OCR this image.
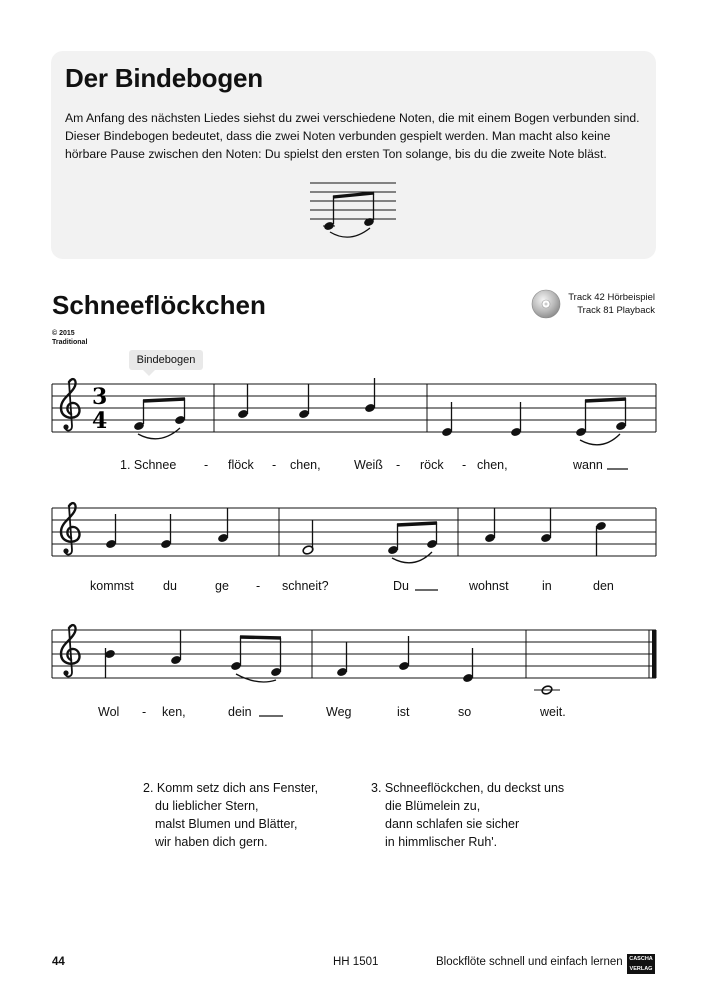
Der Bindebogen

Am Anfang des nächsten Liedes siehst du zwei verschiedene Noten, die mit einem Bogen verbunden sind. Dieser Bindebogen bedeutet, dass die zwei Noten verbunden gespielt werden. Man macht also keine hörbare Pause zwischen den Noten: Du spielst den ersten Ton solange, bis du die zweite Note bläst.

Schneeflöckchen
© 2015
Traditional
Track 42 Hörbeispiel
Track 81 Playback
Bindebogen
3
4
1. Schnee - flöck - chen,	Weiß - röck - chen,	wann
kommst du	ge - schneit?	Du	wohnst	in	den
Wol - ken,	dein	Weg	ist	so	weit.
2. Komm setz dich ans Fenster,
du lieblicher Stern,
malst Blumen und Blätter,
wir haben dich gern.
3. Schneeflöckchen, du deckst uns
die Blümelein zu,
dann schlafen sie sicher
in himmlischer Ruh'.
44	HH 1501	Blockflöte schnell und einfach lernen	CASCHA
VERLAG
